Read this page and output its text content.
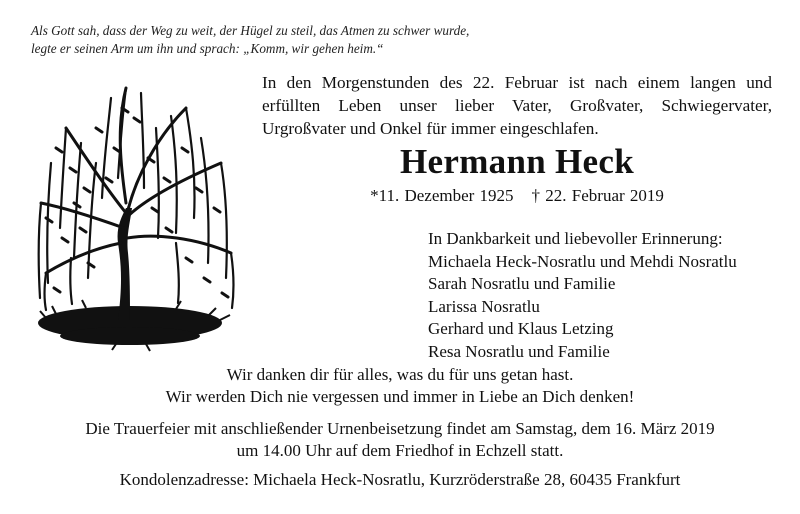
Als Gott sah, dass der Weg zu weit, der Hügel zu steil, das Atmen zu schwer wurde,
legte er seinen Arm um ihn und sprach: „Komm, wir gehen heim.“
In den Morgenstunden des 22. Februar ist nach einem langen und
erfüllten Leben unser lieber Vater, Großvater, Schwiegervater,
Urgroßvater und Onkel für immer eingeschlafen.
Hermann Heck
*11. Dezember 1925 † 22. Februar 2019
In Dankbarkeit und liebevoller Erinnerung:
Michaela Heck-Nosratlu und Mehdi Nosratlu
Sarah Nosratlu und Familie
Larissa Nosratlu
Gerhard und Klaus Letzing
Resa Nosratlu und Familie
Wir danken dir für alles, was du für uns getan hast.
Wir werden Dich nie vergessen und immer in Liebe an Dich denken!
Die Trauerfeier mit anschließender Urnenbeisetzung findet am Samstag, dem 16. März 2019
um 14.00 Uhr auf dem Friedhof in Echzell statt.
Kondolenzadresse: Michaela Heck-Nosratlu, Kurzröderstraße 28, 60435 Frankfurt
